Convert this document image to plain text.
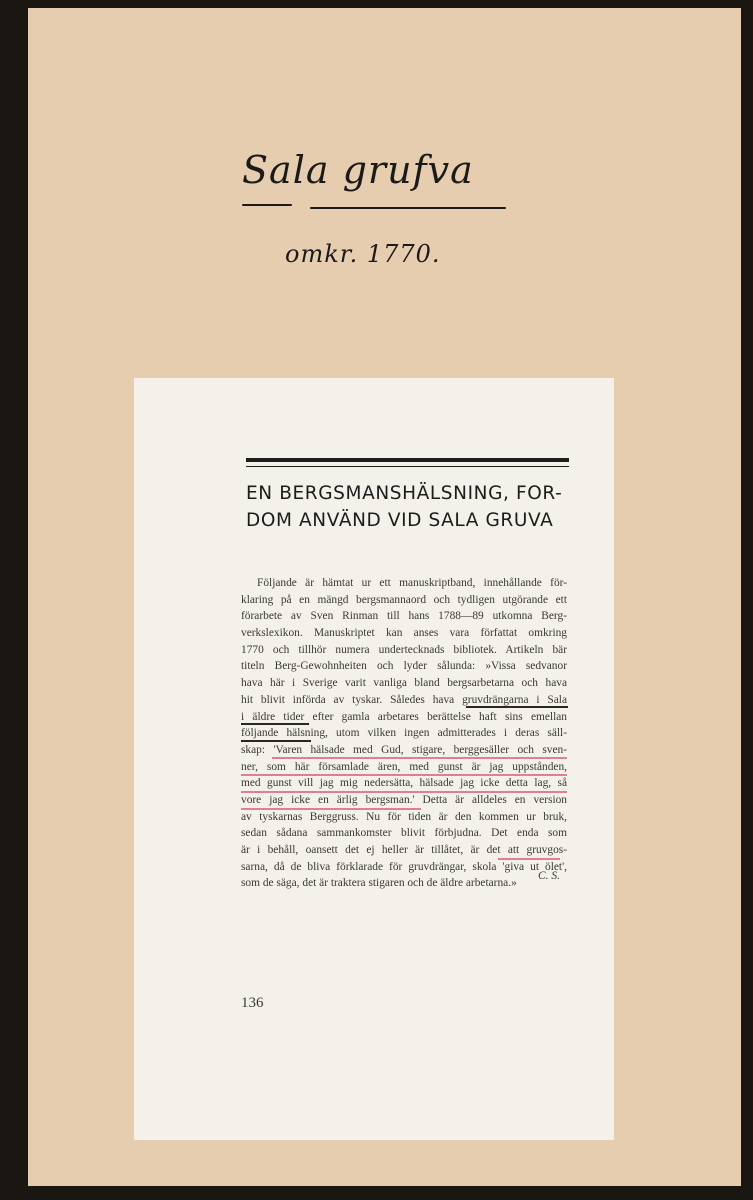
Sala grufva
omkr. 1770.
EN BERGSMANSHÄLSNING, FOR-
DOM ANVÄND VID SALA GRUVA
Följande är hämtat ur ett manuskriptband, innehållande för-
klaring på en mängd bergsmannaord och tydligen utgörande ett
förarbete av Sven Rinman till hans 1788—89 utkomna Berg-
verkslexikon. Manuskriptet kan anses vara författat omkring
1770 och tillhör numera undertecknads bibliotek. Artikeln bär
titeln Berg-Gewohnheiten och lyder sålunda: »Vissa sedvanor
hava här i Sverige varit vanliga bland bergsarbetarna och hava
hit blivit införda av tyskar. Således hava gruvdrängarna i Sala
i äldre tider efter gamla arbetares berättelse haft sins emellan
följande hälsning, utom vilken ingen admitterades i deras säll-
skap: 'Varen hälsade med Gud, stigare, berggesäller och sven-
ner, som här församlade ären, med gunst är jag uppstånden,
med gunst vill jag mig nedersätta, hälsade jag icke detta lag, så
vore jag icke en ärlig bergsman.' Detta är alldeles en version
av tyskarnas Berggruss. Nu för tiden är den kommen ur bruk,
sedan sådana sammankomster blivit förbjudna. Det enda som
är i behåll, oansett det ej heller är tillåtet, är det att gruvgos-
sarna, då de bliva förklarade för gruvdrängar, skola 'giva ut ölet',
som de säga, det är traktera stigaren och de äldre arbetarna.»
C. S.
136
